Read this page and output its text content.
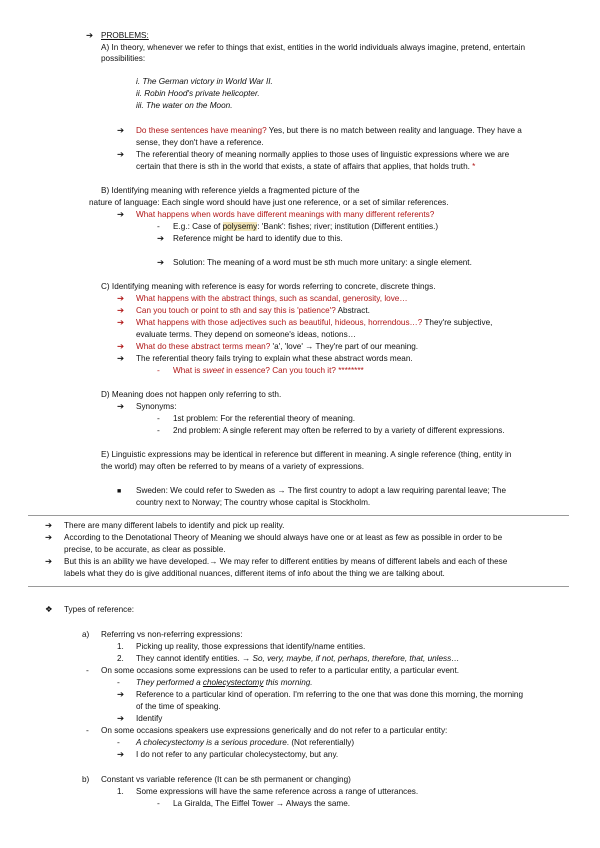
➔ PROBLEMS:
A) In theory, whenever we refer to things that exist, entities in the world individuals always imagine, pretend, entertain
possibilities:
i. The German victory in World War II.
ii. Robin Hood's private helicopter.
iii. The water on the Moon.
➔ Do these sentences have meaning? Yes, but there is no match between reality and language. They have a
sense, they don't have a reference.
➔ The referential theory of meaning normally applies to those uses of linguistic expressions where we are
certain that there is sth in the world that exists, a state of affairs that applies, that holds truth. *
B) Identifying meaning with reference yields a fragmented picture of the
nature of language: Each single word should have just one reference, or a set of similar references.
➔ What happens when words have different meanings with many different referents?
- E.g.: Case of polysemy: 'Bank': fishes; river; institution (Different entities.)
➔ Reference might be hard to identify due to this.
➔ Solution: The meaning of a word must be sth much more unitary: a single element.
C) Identifying meaning with reference is easy for words referring to concrete, discrete things.
➔ What happens with the abstract things, such as scandal, generosity, love…
➔ Can you touch or point to sth and say this is 'patience'? Abstract.
➔ What happens with those adjectives such as beautiful, hideous, horrendous…? They're subjective,
evaluate terms. They depend on someone's ideas, notions…
➔ What do these abstract terms mean? 'a', 'love' → They're part of our meaning.
➔ The referential theory fails trying to explain what these abstract words mean.
- What is sweet in essence? Can you touch it? ********
D) Meaning does not happen only referring to sth.
➔ Synonyms:
- 1st problem: For the referential theory of meaning.
- 2nd problem: A single referent may often be referred to by a variety of different expressions.
E) Linguistic expressions may be identical in reference but different in meaning. A single reference (thing, entity in
the world) may often be referred to by means of a variety of expressions.
■ Sweden: We could refer to Sweden as → The first country to adopt a law requiring parental leave; The
country next to Norway; The country whose capital is Stockholm.
➔ There are many different labels to identify and pick up reality.
➔ According to the Denotational Theory of Meaning we should always have one or at least as few as possible in order to be
precise, to be accurate, as clear as possible.
➔ But this is an ability we have developed.→ We may refer to different entities by means of different labels and each of these
labels what they do is give additional nuances, different items of info about the thing we are talking about.
❖ Types of reference:
a) Referring vs non-referring expressions:
1. Picking up reality, those expressions that identify/name entities.
2. They cannot identify entities. → So, very, maybe, if not, perhaps, therefore, that, unless…
- On some occasions some expressions can be used to refer to a particular entity, a particular event.
- They performed a cholecystectomy this morning.
➔ Reference to a particular kind of operation. I'm referring to the one that was done this morning, the morning
of the time of speaking.
➔ Identify
- On some occasions speakers use expressions generically and do not refer to a particular entity:
- A cholecystectomy is a serious procedure. (Not referentially)
➔ I do not refer to any particular cholecystectomy, but any.
b) Constant vs variable reference (It can be sth permanent or changing)
1. Some expressions will have the same reference across a range of utterances.
- La Giralda, The Eiffel Tower → Always the same.
